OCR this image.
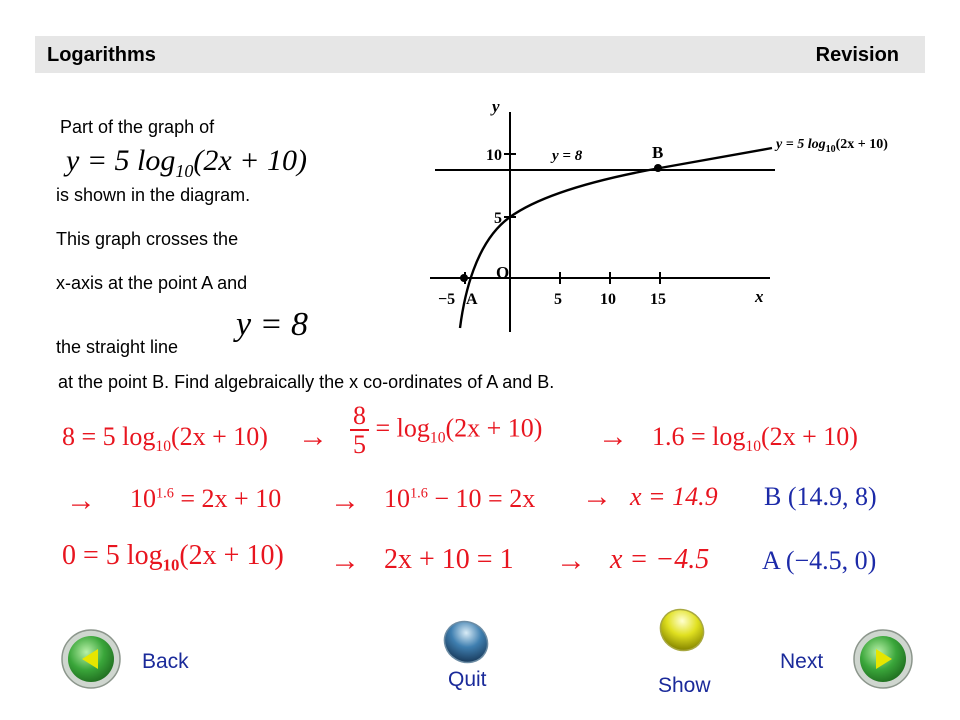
Logarithms	Revision
Part of the graph of
y = 5 $\log_{10}(2x + 10)$
is shown in the diagram.
This graph crosses the
x-axis at the point A and
the straight line
y = 8
at the point B. Find algebraically the x co-ordinates of A and B.
y
x
O
10
5
−5 A	5 10 15
B
y = 8
y = 5 $\log_{10}(2x + 10)$
8 = 5 $\log_{10}(2x + 10) \to \frac{8}{5} = \log_{10}(2x + 10) \to 1.6 = \log_{10}(2x + 10)$
→ $10^{1.6} = 2x + 10 \to 10^{1.6} - 10 = 2x \to x = 14.9$ B (14.9, 8)
0 = 5 $\log_{10}(2x + 10) \to 2x + 10 = 1 \to x = -4.5$ A (−4.5, 0)
Back
Quit	Show
Next
